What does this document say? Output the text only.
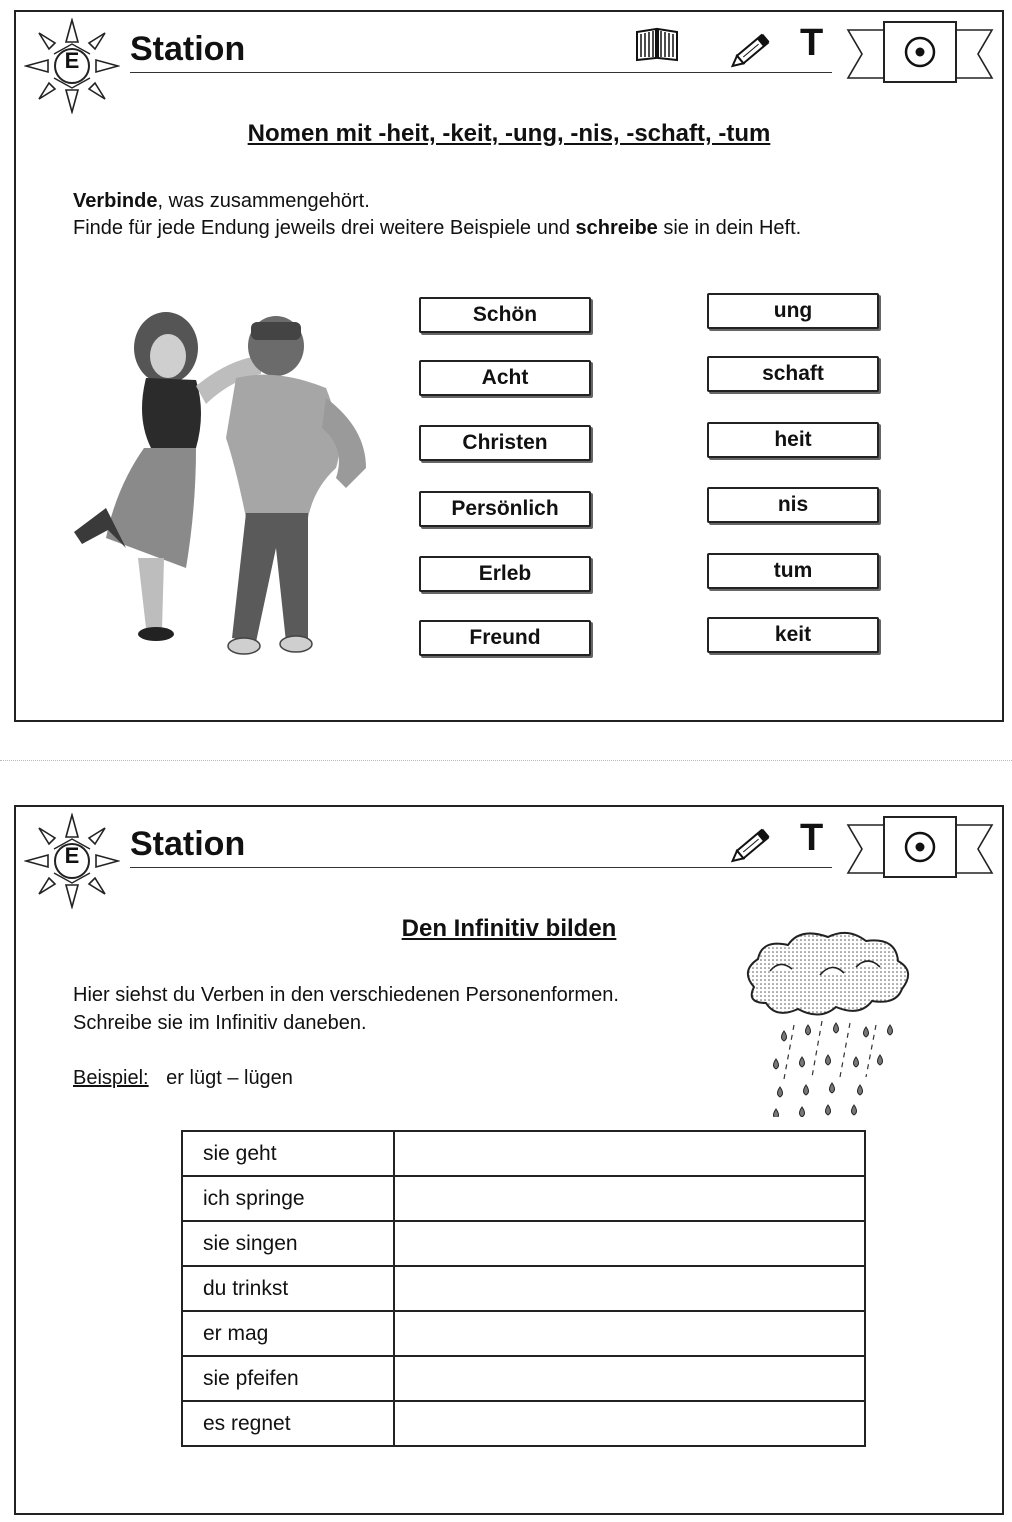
E Station	T
Nomen mit -heit, -keit, -ung, -nis, -schaft, -tum
Verbinde, was zusammengehört.
Finde für jede Endung jeweils drei weitere Beispiele und schreibe sie in dein Heft.
Schön
Acht
Christen
Persönlich
Erleb
Freund
ung
schaft
heit
nis
tum
keit
E Station	T
Den Infinitiv bilden
Hier siehst du Verben in den verschiedenen Personenformen.
Schreibe sie im Infinitiv daneben.
Beispiel: er lügt – lügen
sie geht	
ich springe	
sie singen	
du trinkst	
er mag	
sie pfeifen	
es regnet	
